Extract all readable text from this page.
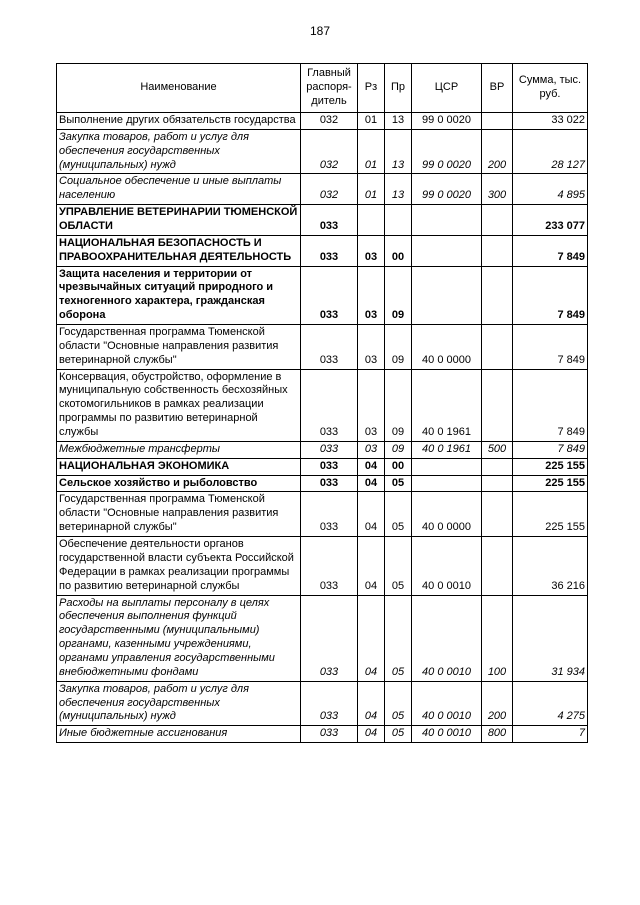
187
Наименование	Главный распоря-дитель	Рз	Пр	ЦСР	ВР	Сумма, тыс. руб.
Выполнение других обязательств государства	032	01	13	99 0 0020		33 022
Закупка товаров, работ и услуг для обеспечения государственных (муниципальных) нужд	032	01	13	99 0 0020	200	28 127
Социальное обеспечение и иные выплаты населению	032	01	13	99 0 0020	300	4 895
УПРАВЛЕНИЕ ВЕТЕРИНАРИИ ТЮМЕНСКОЙ ОБЛАСТИ	033					233 077
НАЦИОНАЛЬНАЯ БЕЗОПАСНОСТЬ И ПРАВООХРАНИТЕЛЬНАЯ ДЕЯТЕЛЬНОСТЬ	033	03	00			7 849
Защита населения и территории от чрезвычайных ситуаций природного и техногенного характера, гражданская оборона	033	03	09			7 849
Государственная программа Тюменской области "Основные направления развития ветеринарной службы"	033	03	09	40 0 0000		7 849
Консервация, обустройство, оформление в муниципальную собственность бесхозяйных скотомогильников в рамках реализации программы по развитию ветеринарной службы	033	03	09	40 0 1961		7 849
Межбюджетные трансферты	033	03	09	40 0 1961	500	7 849
НАЦИОНАЛЬНАЯ ЭКОНОМИКА	033	04	00			225 155
Сельское хозяйство и рыболовство	033	04	05			225 155
Государственная программа Тюменской области "Основные направления развития ветеринарной службы"	033	04	05	40 0 0000		225 155
Обеспечение деятельности органов государственной власти субъекта Российской Федерации в рамках реализации программы по развитию ветеринарной службы	033	04	05	40 0 0010		36 216
Расходы на выплаты персоналу в целях обеспечения выполнения функций государственными (муниципальными) органами, казенными учреждениями, органами управления государственными внебюджетными фондами	033	04	05	40 0 0010	100	31 934
Закупка товаров, работ и услуг для обеспечения государственных (муниципальных) нужд	033	04	05	40 0 0010	200	4 275
Иные бюджетные ассигнования	033	04	05	40 0 0010	800	7
